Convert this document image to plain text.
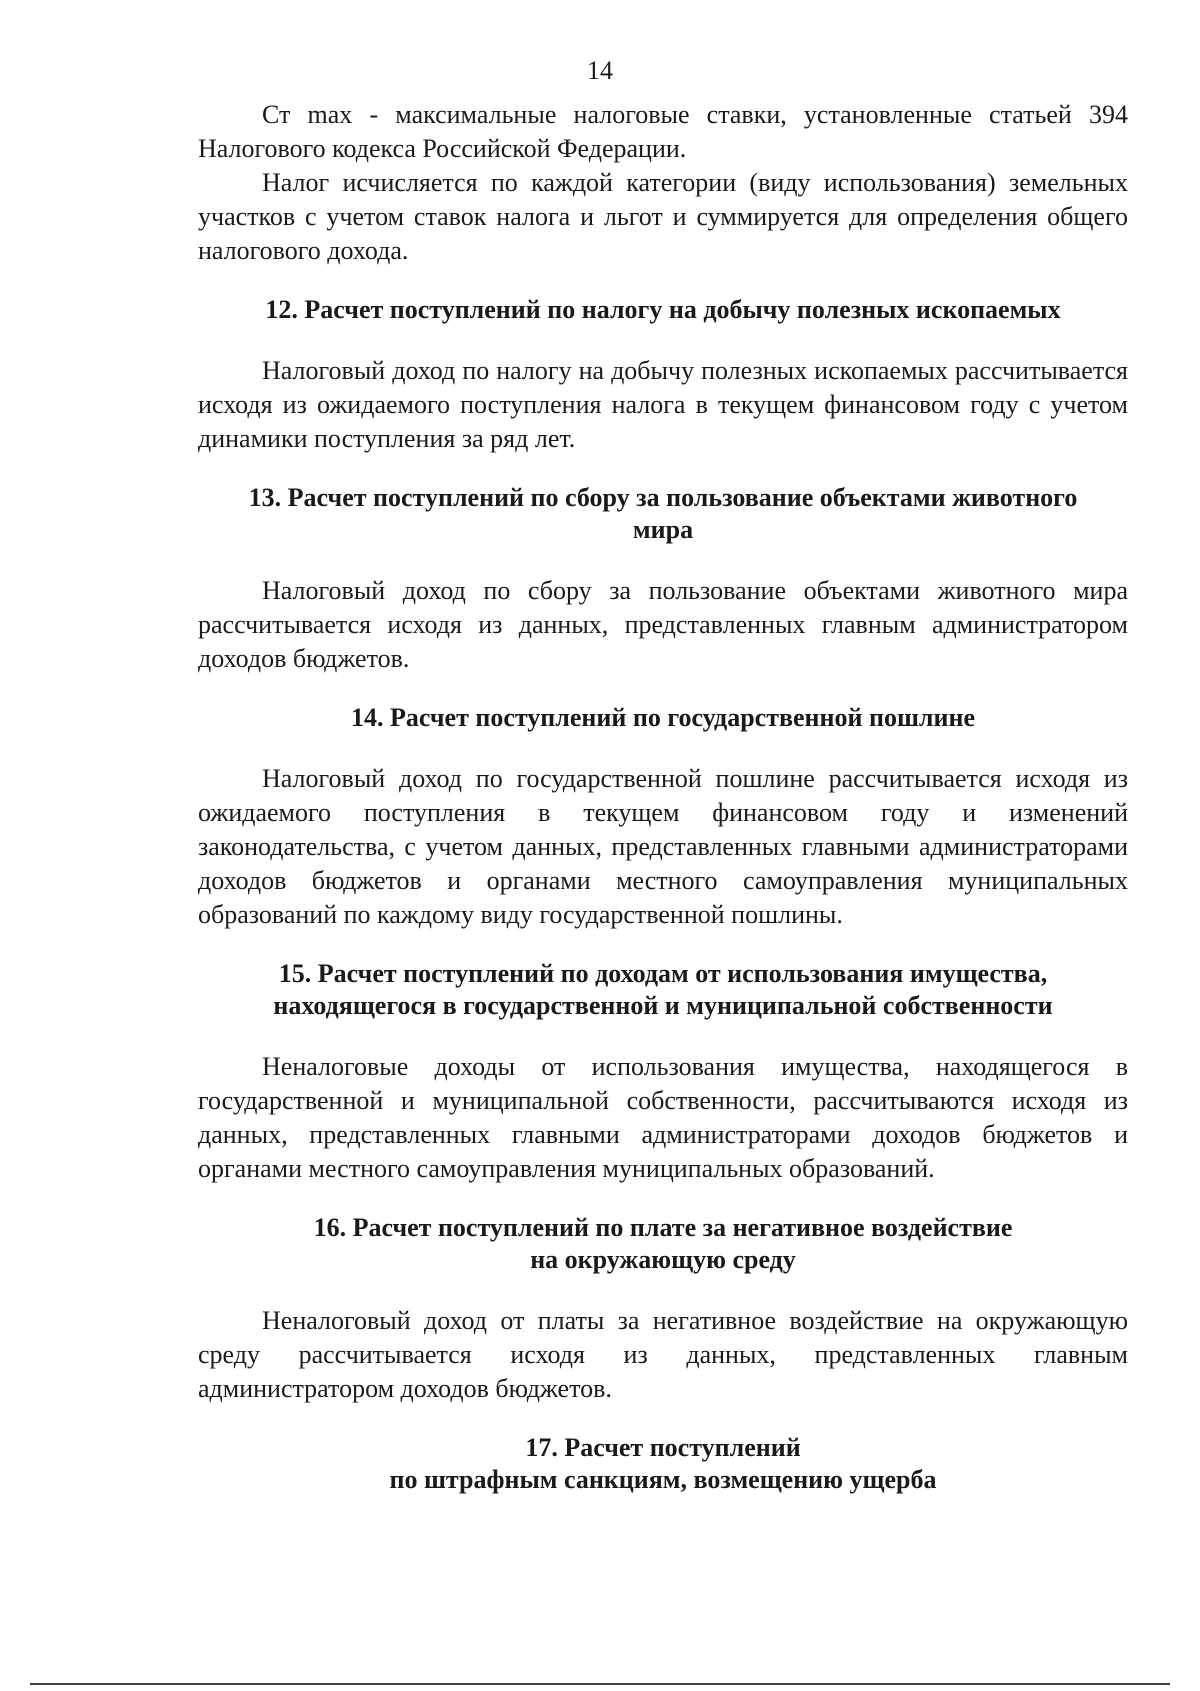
14

Ст max - максимальные налоговые ставки, установленные статьей 394 Налогового кодекса Российской Федерации.

Налог исчисляется по каждой категории (виду использования) земельных участков с учетом ставок налога и льгот и суммируется для определения общего налогового дохода.

12. Расчет поступлений по налогу на добычу полезных ископаемых

Налоговый доход по налогу на добычу полезных ископаемых рассчитывается исходя из ожидаемого поступления налога в текущем финансовом году с учетом динамики поступления за ряд лет.

13. Расчет поступлений по сбору за пользование объектами животного
мира

Налоговый доход по сбору за пользование объектами животного мира рассчитывается исходя из данных, представленных главным администратором доходов бюджетов.

14. Расчет поступлений по государственной пошлине

Налоговый доход по государственной пошлине рассчитывается исходя из ожидаемого поступления в текущем финансовом году и изменений законодательства, с учетом данных, представленных главными администраторами доходов бюджетов и органами местного самоуправления муниципальных образований по каждому виду государственной пошлины.

15. Расчет поступлений по доходам от использования имущества,
находящегося в государственной и муниципальной собственности

Неналоговые доходы от использования имущества, находящегося в государственной и муниципальной собственности, рассчитываются исходя из данных, представленных главными администраторами доходов бюджетов и органами местного самоуправления муниципальных образований.

16. Расчет поступлений по плате за негативное воздействие
на окружающую среду

Неналоговый доход от платы за негативное воздействие на окружающую среду рассчитывается исходя из данных, представленных главным администратором доходов бюджетов.

17. Расчет поступлений
по штрафным санкциям, возмещению ущерба
